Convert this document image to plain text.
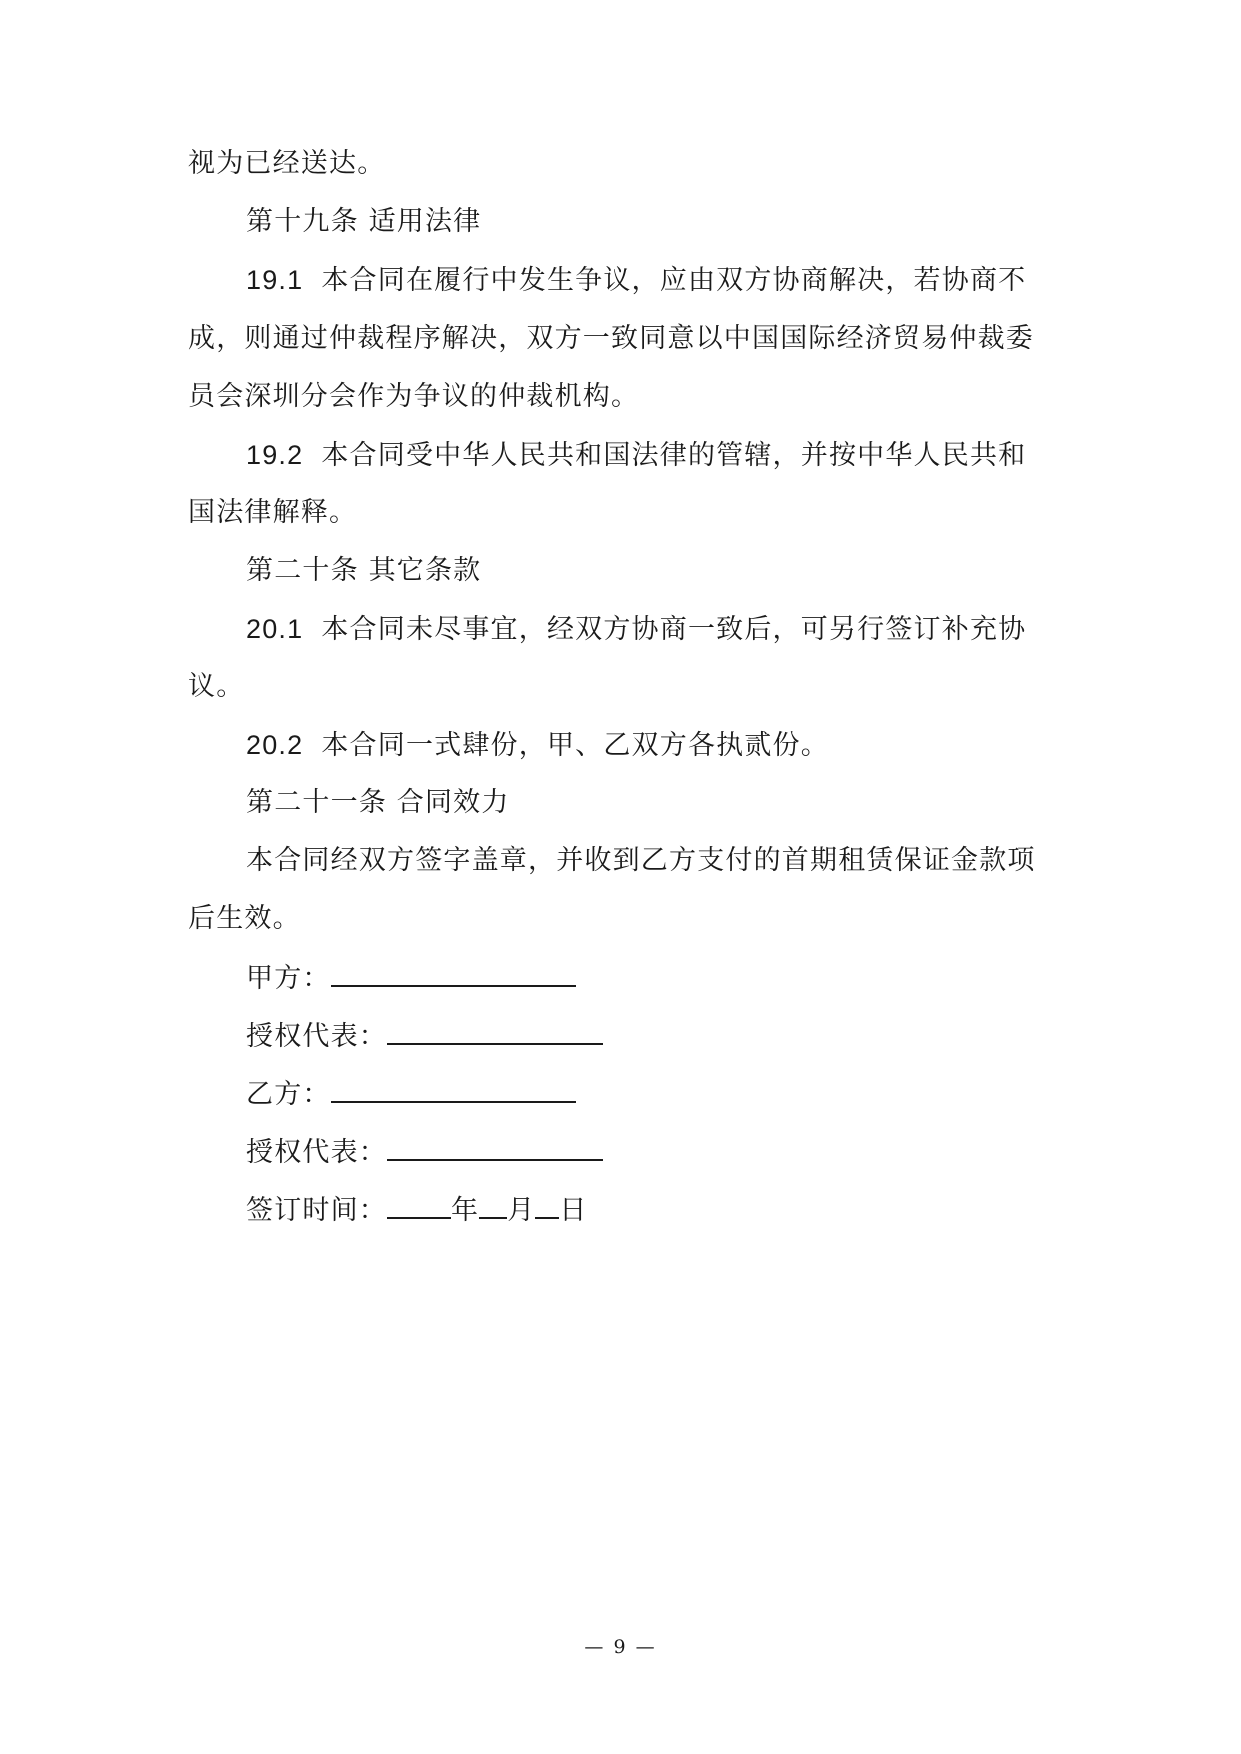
视为已经送达。
第十九条 适用法律
19.1 本合同在履行中发生争议，应由双方协商解决，若协商不
成，则通过仲裁程序解决，双方一致同意以中国国际经济贸易仲裁委
员会深圳分会作为争议的仲裁机构。
19.2 本合同受中华人民共和国法律的管辖，并按中华人民共和
国法律解释。
第二十条 其它条款
20.1 本合同未尽事宜，经双方协商一致后，可另行签订补充协
议。
20.2 本合同一式肆份，甲、乙双方各执贰份。
第二十一条 合同效力
本合同经双方签字盖章，并收到乙方支付的首期租赁保证金款项
后生效。
甲方：
授权代表：
乙方：
授权代表：
签订时间： 年 月 日
— 9 —
